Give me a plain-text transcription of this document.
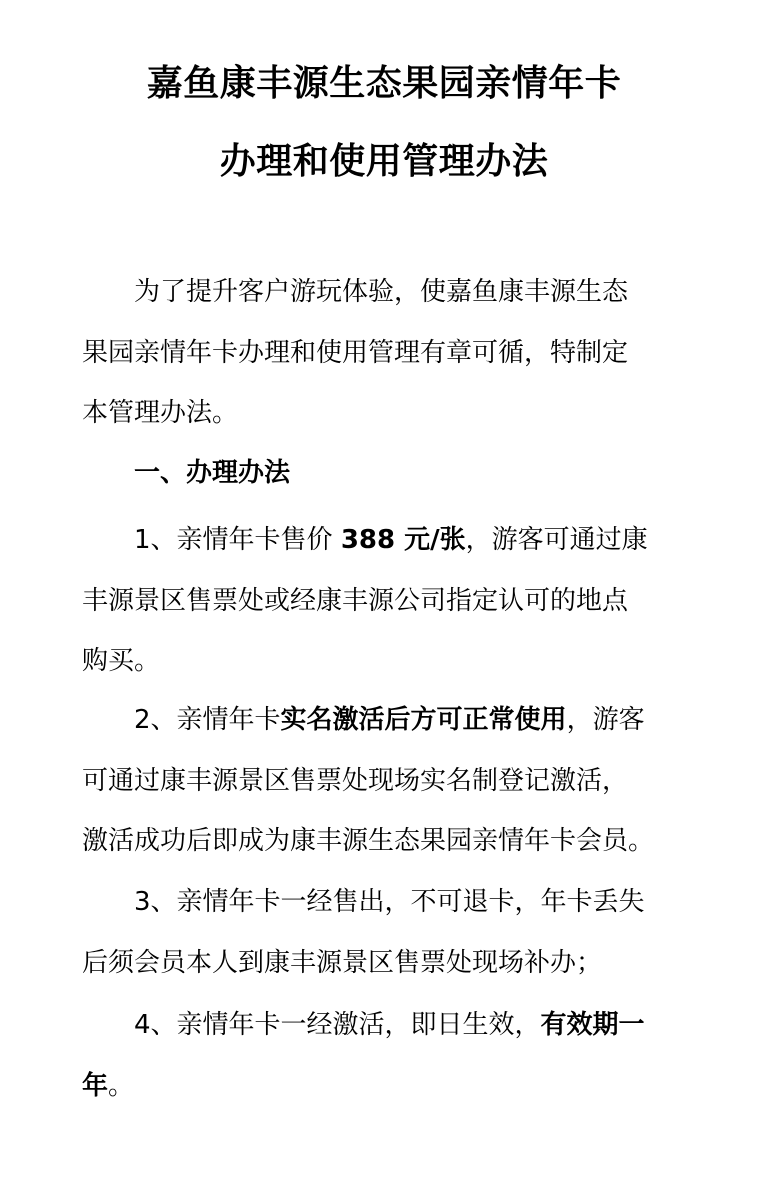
嘉鱼康丰源生态果园亲情年卡
办理和使用管理办法
为了提升客户游玩体验，使嘉鱼康丰源生态
果园亲情年卡办理和使用管理有章可循，特制定
本管理办法。
一、办理办法
1、亲情年卡售价 388 元/张，游客可通过康
丰源景区售票处或经康丰源公司指定认可的地点
购买。
2、亲情年卡实名激活后方可正常使用，游客
可通过康丰源景区售票处现场实名制登记激活，
激活成功后即成为康丰源生态果园亲情年卡会员。
3、亲情年卡一经售出，不可退卡，年卡丢失
后须会员本人到康丰源景区售票处现场补办；
4、亲情年卡一经激活，即日生效，有效期一
年。
